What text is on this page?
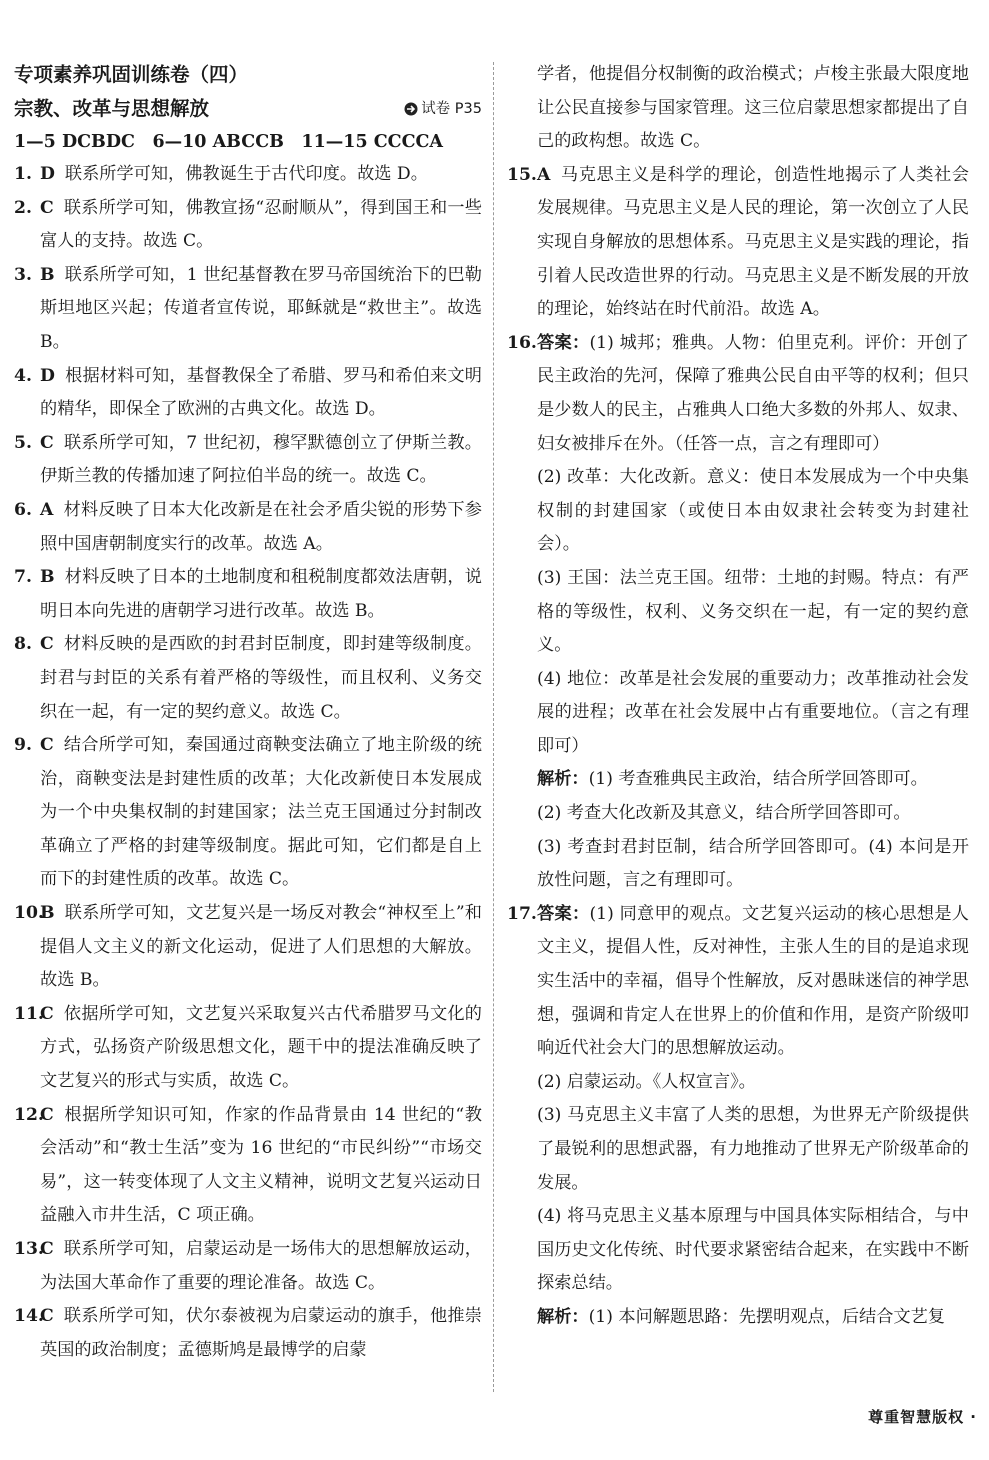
专项素养巩固训练卷（四）
宗教、改革与思想解放	试卷 P35
1—5 DCBDC　6—10 ABCCB　11—15 CCCCA
1. D 联系所学可知，佛教诞生于古代印度。故选 D。
2. C 联系所学可知，佛教宣扬“忍耐顺从”，得到国王和一些富人的支持。故选 C。
3. B 联系所学可知，1 世纪基督教在罗马帝国统治下的巴勒斯坦地区兴起；传道者宣传说，耶稣就是“救世主”。故选 B。
4. D 根据材料可知，基督教保全了希腊、罗马和希伯来文明的精华，即保全了欧洲的古典文化。故选 D。
5. C 联系所学可知，7 世纪初，穆罕默德创立了伊斯兰教。伊斯兰教的传播加速了阿拉伯半岛的统一。故选 C。
6. A 材料反映了日本大化改新是在社会矛盾尖锐的形势下参照中国唐朝制度实行的改革。故选 A。
7. B 材料反映了日本的土地制度和租税制度都效法唐朝，说明日本向先进的唐朝学习进行改革。故选 B。
8. C 材料反映的是西欧的封君封臣制度，即封建等级制度。封君与封臣的关系有着严格的等级性，而且权利、义务交织在一起，有一定的契约意义。故选 C。
9. C 结合所学可知，秦国通过商鞅变法确立了地主阶级的统治，商鞅变法是封建性质的改革；大化改新使日本发展成为一个中央集权制的封建国家；法兰克王国通过分封制改革确立了严格的封建等级制度。据此可知，它们都是自上而下的封建性质的改革。故选 C。
10.
B 联系所学可知，文艺复兴是一场反对教会“神权至上”和提倡人文主义的新文化运动，促进了人们思想的大解放。故选 B。
11.
C 依据所学可知，文艺复兴采取复兴古代希腊罗马文化的方式，弘扬资产阶级思想文化，题干中的提法准确反映了文艺复兴的形式与实质，故选 C。
12.
C 根据所学知识可知，作家的作品背景由 14 世纪的“教会活动”和“教士生活”变为 16 世纪的“市民纠纷”“市场交易”，这一转变体现了人文主义精神，说明文艺复兴运动日益融入市井生活，C 项正确。
13.
C 联系所学可知，启蒙运动是一场伟大的思想解放运动，为法国大革命作了重要的理论准备。故选 C。
14.
C 联系所学可知，伏尔泰被视为启蒙运动的旗手，他推崇英国的政治制度；孟德斯鸠是最博学的启蒙
学者，他提倡分权制衡的政治模式；卢梭主张最大限度地让公民直接参与国家管理。这三位启蒙思想家都提出了自己的政构想。故选 C。
15. A 马克思主义是科学的理论，创造性地揭示了人类社会发展规律。马克思主义是人民的理论，第一次创立了人民实现自身解放的思想体系。马克思主义是实践的理论，指引着人民改造世界的行动。马克思主义是不断发展的开放的理论，始终站在时代前沿。故选 A。
16. 答案：(1) 城邦；雅典。人物：伯里克利。评价：开创了民主政治的先河，保障了雅典公民自由平等的权利；但只是少数人的民主，占雅典人口绝大多数的外邦人、奴隶、妇女被排斥在外。（任答一点，言之有理即可）
(2) 改革：大化改新。意义：使日本发展成为一个中央集权制的封建国家（或使日本由奴隶社会转变为封建社会）。
(3) 王国：法兰克王国。纽带：土地的封赐。特点：有严格的等级性，权利、义务交织在一起，有一定的契约意义。
(4) 地位：改革是社会发展的重要动力；改革推动社会发展的进程；改革在社会发展中占有重要地位。（言之有理即可）
解析：(1) 考查雅典民主政治，结合所学回答即可。
(2) 考查大化改新及其意义，结合所学回答即可。
(3) 考查封君封臣制，结合所学回答即可。(4) 本问是开放性问题，言之有理即可。
17. 答案：(1) 同意甲的观点。文艺复兴运动的核心思想是人文主义，提倡人性，反对神性，主张人生的目的是追求现实生活中的幸福，倡导个性解放，反对愚昧迷信的神学思想，强调和肯定人在世界上的价值和作用，是资产阶级叩响近代社会大门的思想解放运动。
(2) 启蒙运动。《人权宣言》。
(3) 马克思主义丰富了人类的思想，为世界无产阶级提供了最锐利的思想武器，有力地推动了世界无产阶级革命的发展。
(4) 将马克思主义基本原理与中国具体实际相结合，与中国历史文化传统、时代要求紧密结合起来，在实践中不断探索总结。
解析：(1) 本问解题思路：先摆明观点，后结合文艺复
尊重智慧版权 ·
